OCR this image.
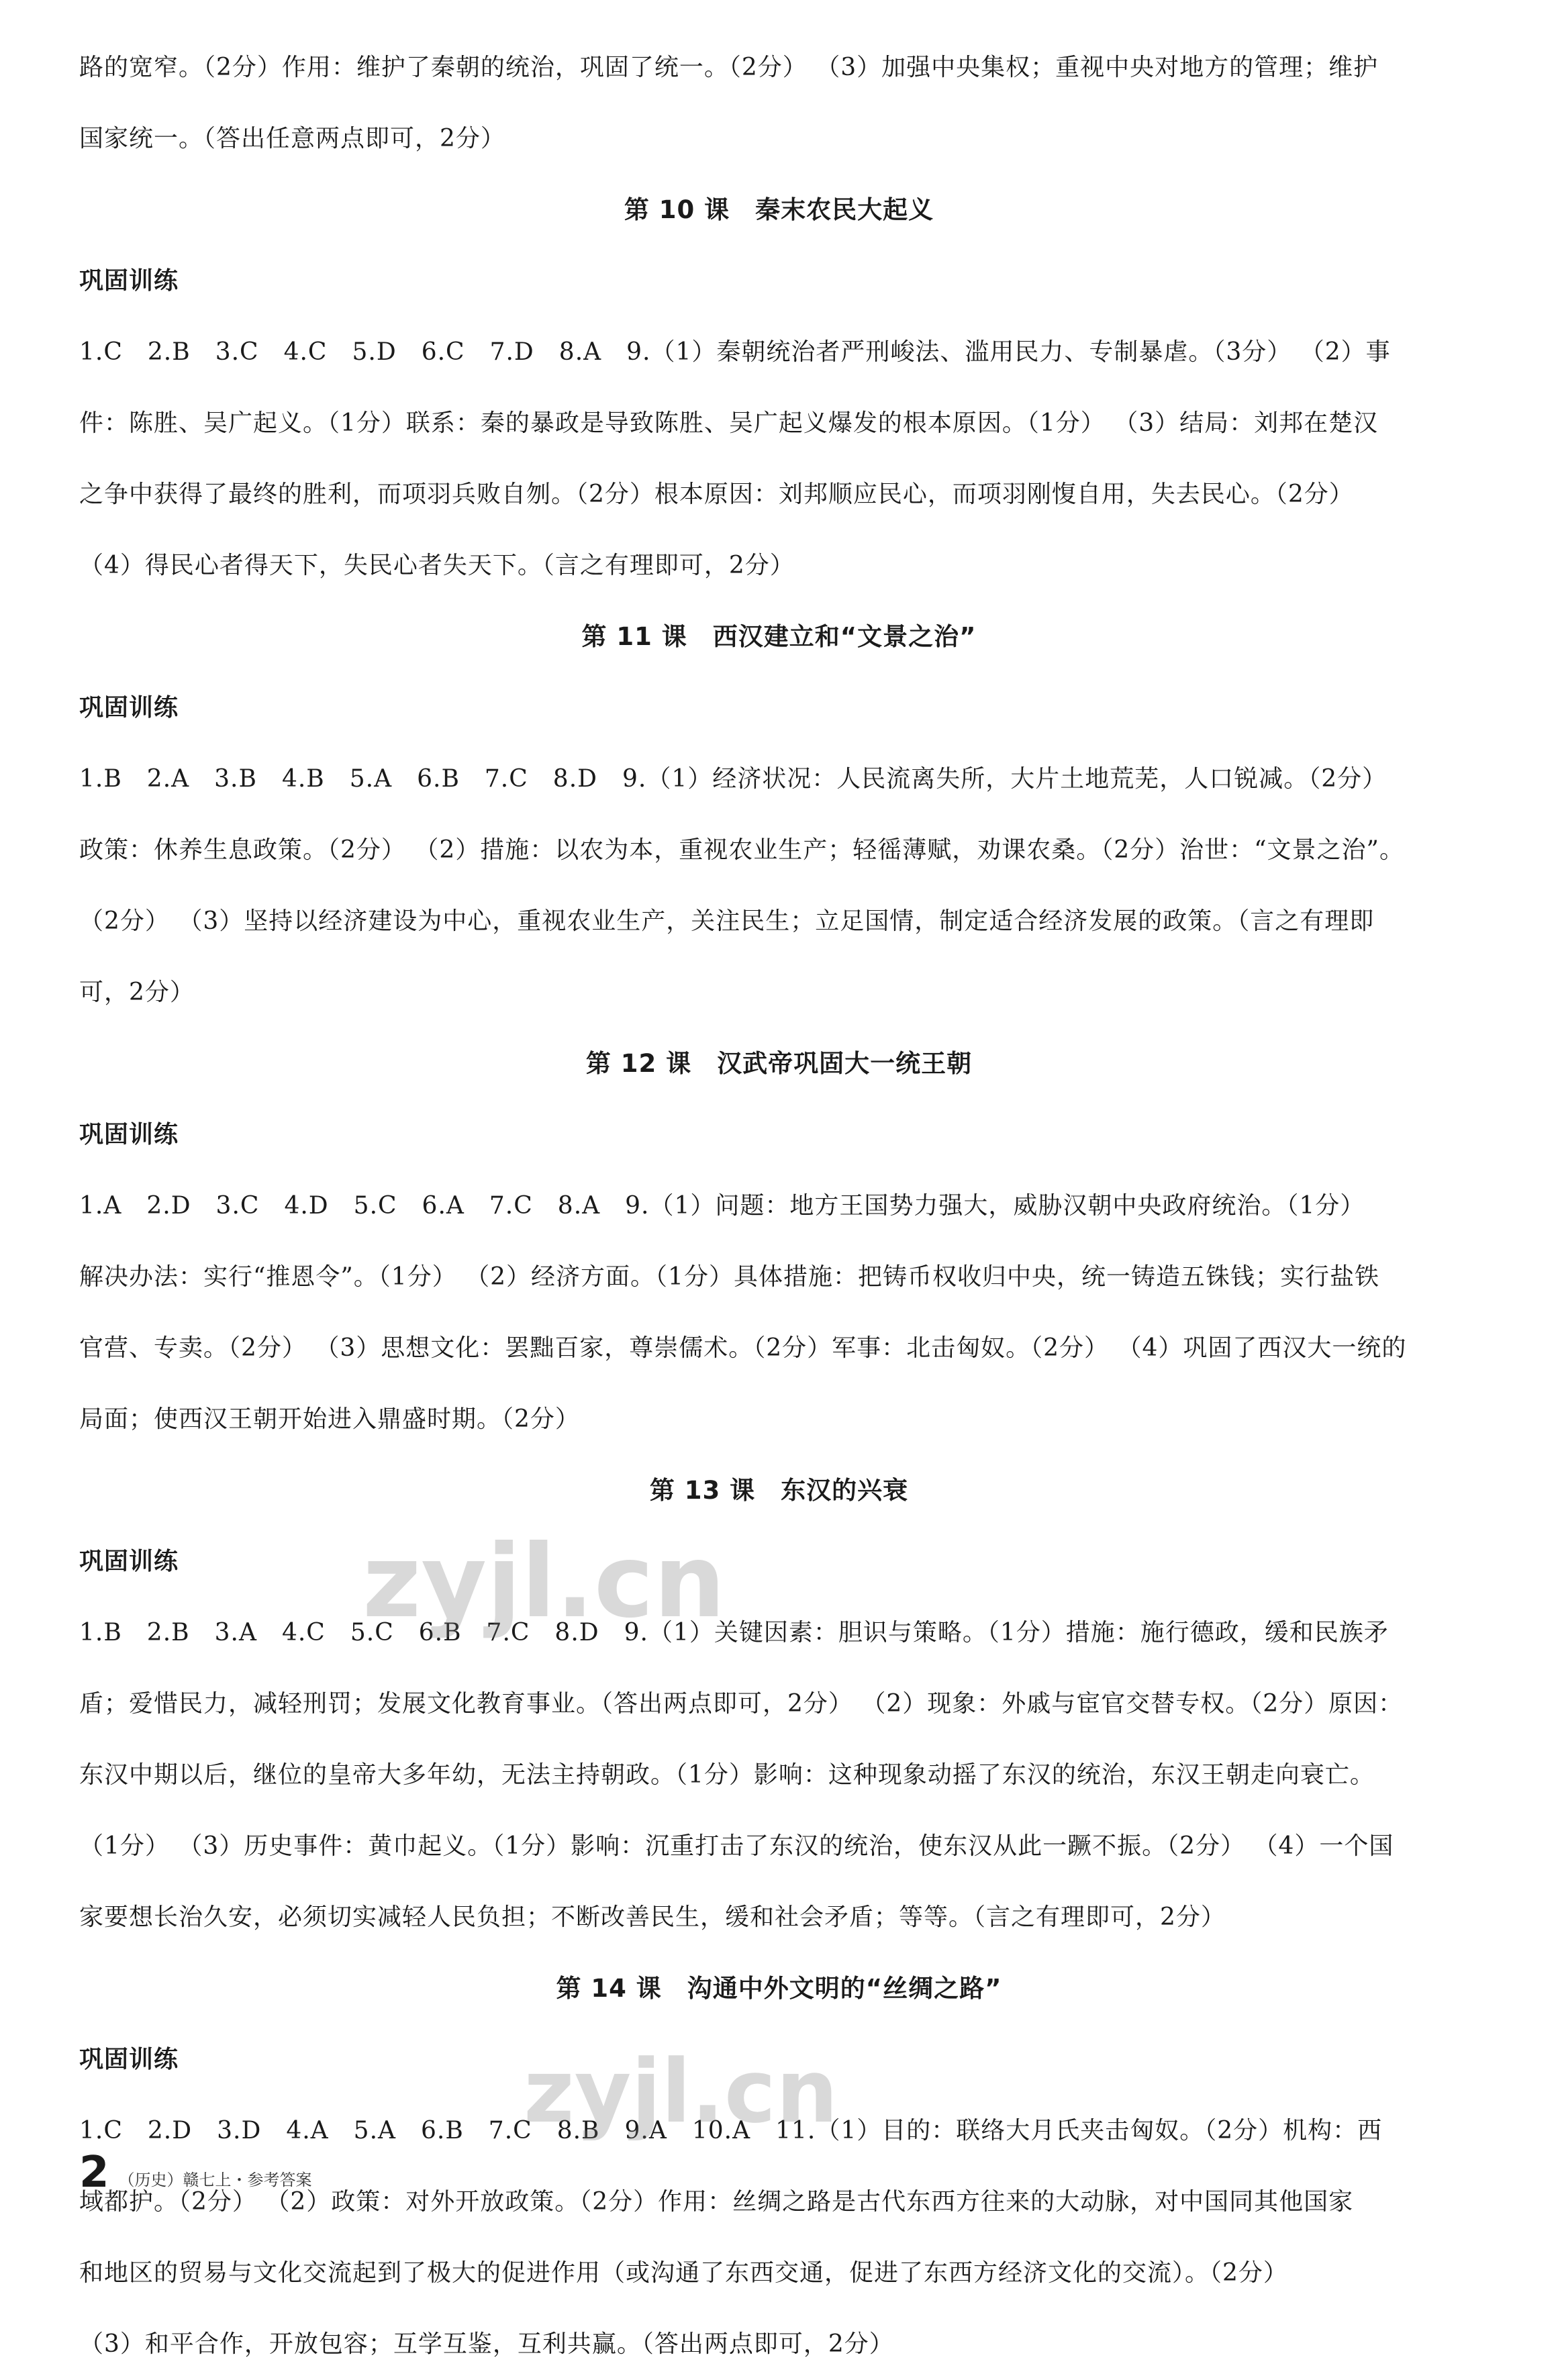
路的宽窄。（2分）作用：维护了秦朝的统治，巩固了统一。（2分） （3）加强中央集权；重视中央对地方的管理；维护

国家统一。（答出任意两点即可，2分）

第 10 课　秦末农民大起义
巩固训练

1.C　2.B　3.C　4.C　5.D　6.C　7.D　8.A　9.（1）秦朝统治者严刑峻法、滥用民力、专制暴虐。（3分） （2）事

件：陈胜、吴广起义。（1分）联系：秦的暴政是导致陈胜、吴广起义爆发的根本原因。（1分） （3）结局：刘邦在楚汉

之争中获得了最终的胜利，而项羽兵败自刎。（2分）根本原因：刘邦顺应民心，而项羽刚愎自用，失去民心。（2分）

（4）得民心者得天下，失民心者失天下。（言之有理即可，2分）

第 11 课　西汉建立和“文景之治”
巩固训练

1.B　2.A　3.B　4.B　5.A　6.B　7.C　8.D　9.（1）经济状况：人民流离失所，大片土地荒芜，人口锐减。（2分）

政策：休养生息政策。（2分） （2）措施：以农为本，重视农业生产；轻徭薄赋，劝课农桑。（2分）治世：“文景之治”。

（2分） （3）坚持以经济建设为中心，重视农业生产，关注民生；立足国情，制定适合经济发展的政策。（言之有理即

可，2分）

第 12 课　汉武帝巩固大一统王朝
巩固训练

1.A　2.D　3.C　4.D　5.C　6.A　7.C　8.A　9.（1）问题：地方王国势力强大，威胁汉朝中央政府统治。（1分）

解决办法：实行“推恩令”。（1分） （2）经济方面。（1分）具体措施：把铸币权收归中央，统一铸造五铢钱；实行盐铁

官营、专卖。（2分） （3）思想文化：罢黜百家，尊崇儒术。（2分）军事：北击匈奴。（2分） （4）巩固了西汉大一统的

局面；使西汉王朝开始进入鼎盛时期。（2分）

第 13 课　东汉的兴衰
巩固训练

1.B　2.B　3.A　4.C　5.C　6.B　7.C　8.D　9.（1）关键因素：胆识与策略。（1分）措施：施行德政，缓和民族矛

盾；爱惜民力，减轻刑罚；发展文化教育事业。（答出两点即可，2分） （2）现象：外戚与宦官交替专权。（2分）原因：

东汉中期以后，继位的皇帝大多年幼，无法主持朝政。（1分）影响：这种现象动摇了东汉的统治，东汉王朝走向衰亡。

（1分） （3）历史事件：黄巾起义。（1分）影响：沉重打击了东汉的统治，使东汉从此一蹶不振。（2分） （4）一个国

家要想长治久安，必须切实减轻人民负担；不断改善民生，缓和社会矛盾；等等。（言之有理即可，2分）

第 14 课　沟通中外文明的“丝绸之路”
巩固训练

1.C　2.D　3.D　4.A　5.A　6.B　7.C　8.B　9.A　10.A　11.（1）目的：联络大月氏夹击匈奴。（2分）机构：西

域都护。（2分） （2）政策：对外开放政策。（2分）作用：丝绸之路是古代东西方往来的大动脉，对中国同其他国家

和地区的贸易与文化交流起到了极大的促进作用（或沟通了东西交通，促进了东西方经济文化的交流）。（2分）

（3）和平合作，开放包容；互学互鉴，互利共赢。（答出两点即可，2分）

zyjl.cn
zyjl.cn
2 （历史）赣七上・参考答案
